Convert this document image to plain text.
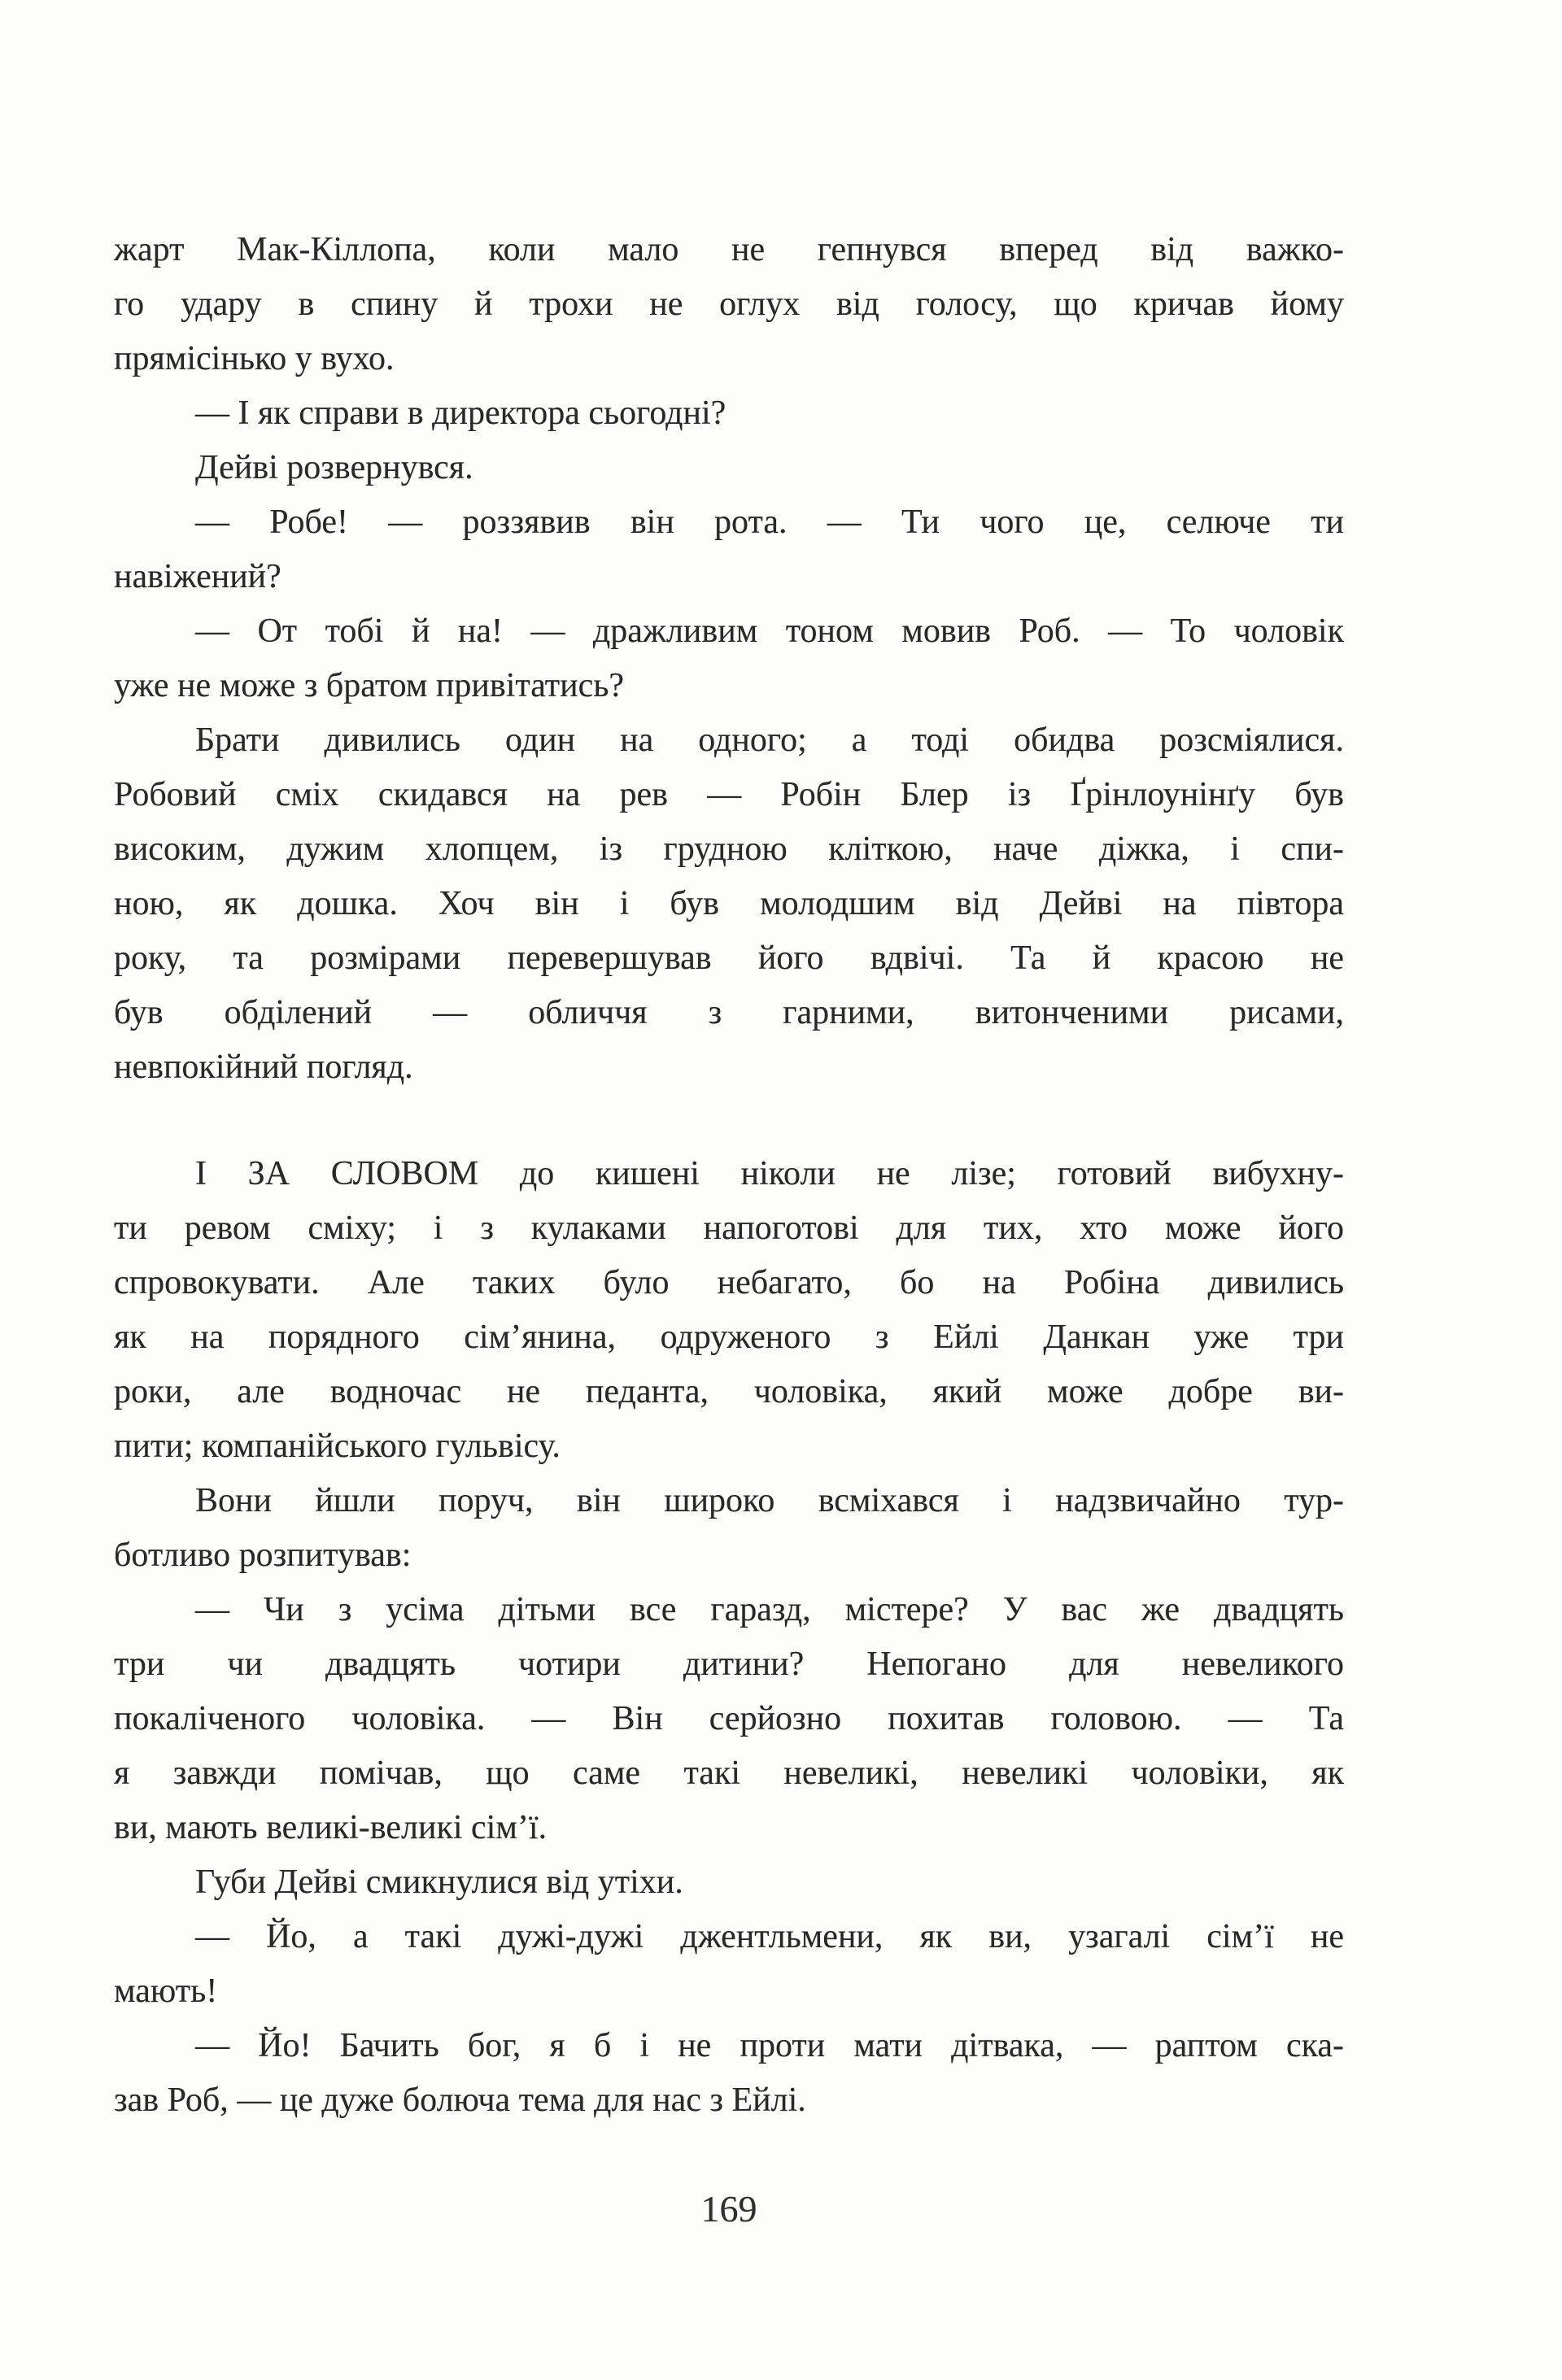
жарт Мак-Кіллопа, коли мало не гепнувся вперед від важко-

го удару в спину й трохи не оглух від голосу, що кричав йому

прямісінько у вухо.

— І як справи в директора сьогодні?

Дейві розвернувся.

— Робе! — роззявив він рота. — Ти чого це, селюче ти

навіжений?

— От тобі й на! — дражливим тоном мовив Роб. — То чоловік

уже не може з братом привітатись?

Брати дивились один на одного; а тоді обидва розсміялися.

Робовий сміх скидався на рев — Робін Блер із Ґрінлоунінґу був

високим, дужим хлопцем, із грудною кліткою, наче діжка, і спи-

ною, як дошка. Хоч він і був молодшим від Дейві на півтора

року, та розмірами перевершував його вдвічі. Та й красою не

був обділений — обличчя з гарними, витонченими рисами,

невпокійний погляд.

І ЗА СЛОВОМ до кишені ніколи не лізе; готовий вибухну-

ти ревом сміху; і з кулаками напоготові для тих, хто може його

спровокувати. Але таких було небагато, бо на Робіна дивились

як на порядного сім’янина, одруженого з Ейлі Данкан уже три

роки, але водночас не педанта, чоловіка, який може добре ви-

пити; компанійського гульвісу.

Вони йшли поруч, він широко всміхався і надзвичайно тур-

ботливо розпитував:

— Чи з усіма дітьми все гаразд, містере? У вас же двадцять

три чи двадцять чотири дитини? Непогано для невеликого

покаліченого чоловіка. — Він серйозно похитав головою. — Та

я завжди помічав, що саме такі невеликі, невеликі чоловіки, як

ви, мають великі-великі сім’ї.

Губи Дейві смикнулися від утіхи.

— Йо, а такі дужі-дужі джентльмени, як ви, узагалі сім’ї не

мають!

— Йо! Бачить бог, я б і не проти мати дітвака, — раптом ска-

зав Роб, — це дуже болюча тема для нас з Ейлі.

169
